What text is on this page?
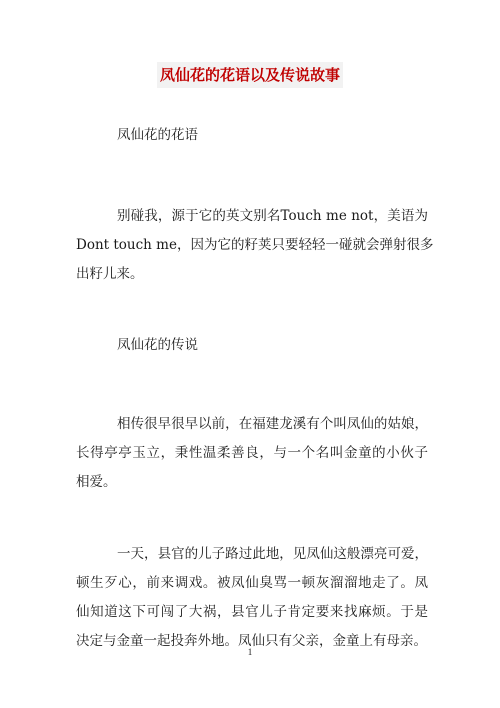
凤仙花的花语以及传说故事
凤仙花的花语
别碰我，源于它的英文别名Touch me not，美语为
Dont touch me，因为它的籽荚只要轻轻一碰就会弹射很多
出籽儿来。
凤仙花的传说
相传很早很早以前，在福建龙溪有个叫凤仙的姑娘，
长得亭亭玉立，秉性温柔善良，与一个名叫金童的小伙子
相爱。
一天，县官的儿子路过此地，见凤仙这般漂亮可爱，
顿生歹心，前来调戏。被凤仙臭骂一顿灰溜溜地走了。凤
仙知道这下可闯了大祸，县官儿子肯定要来找麻烦。于是
决定与金童一起投奔外地。凤仙只有父亲，金童上有母亲。
1
